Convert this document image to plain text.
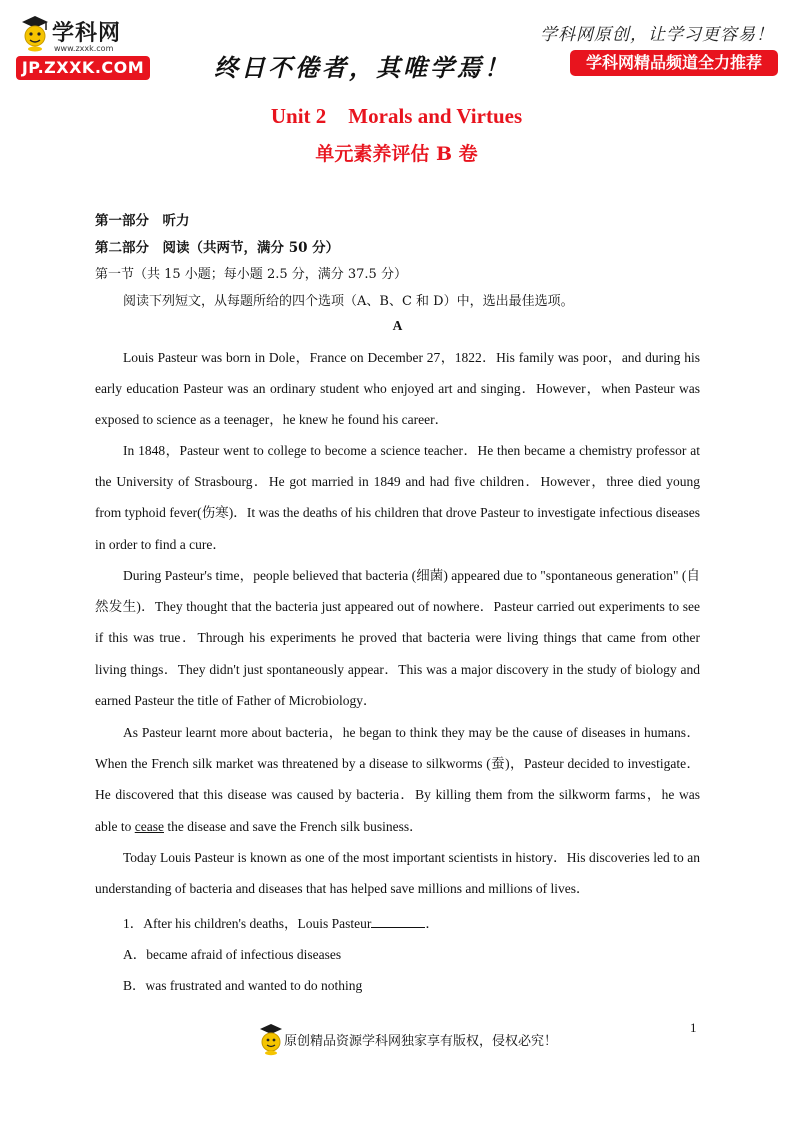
学科网
www.zxxk.com
JP.ZXXK.COM	终日不倦者，其唯学焉！
学科网原创，让学习更容易！
学科网精品频道全力推荐
Unit 2 Morals and Virtues
单元素养评估 B 卷
第一部分　听力
第二部分　阅读（共两节，满分 50 分）
第一节（共 15 小题；每小题 2.5 分，满分 37.5 分）
阅读下列短文，从每题所给的四个选项（A、B、C 和 D）中，选出最佳选项。
A
Louis Pasteur was born in Dole，France on December 27，1822．His family was poor，and during his early education Pasteur was an ordinary student who enjoyed art and singing．However，when Pasteur was exposed to science as a teenager，he knew he found his career．
In 1848，Pasteur went to college to become a science teacher．He then became a chemistry professor at the University of Strasbourg．He got married in 1849 and had five children．However，three died young from typhoid fever(伤寒)．It was the deaths of his children that drove Pasteur to investigate infectious diseases in order to find a cure．
During Pasteur's time，people believed that bacteria (细菌) appeared due to "spontaneous generation" (自然发生)．They thought that the bacteria just appeared out of nowhere．Pasteur carried out experiments to see if this was true．Through his experiments he proved that bacteria were living things that came from other living things．They didn't just spontaneously appear．This was a major discovery in the study of biology and earned Pasteur the title of Father of Microbiology．
As Pasteur learnt more about bacteria，he began to think they may be the cause of diseases in humans．When the French silk market was threatened by a disease to silkworms (蚕)，Pasteur decided to investigate．He discovered that this disease was caused by bacteria．By killing them from the silkworm farms，he was able to cease the disease and save the French silk business．
Today Louis Pasteur is known as one of the most important scientists in history．His discoveries led to an understanding of bacteria and diseases that has helped save millions and millions of lives．
1．After his children's deaths，Louis Pasteur	．
A．became afraid of infectious diseases
B．was frustrated and wanted to do nothing
1
原创精品资源学科网独家享有版权，侵权必究！
